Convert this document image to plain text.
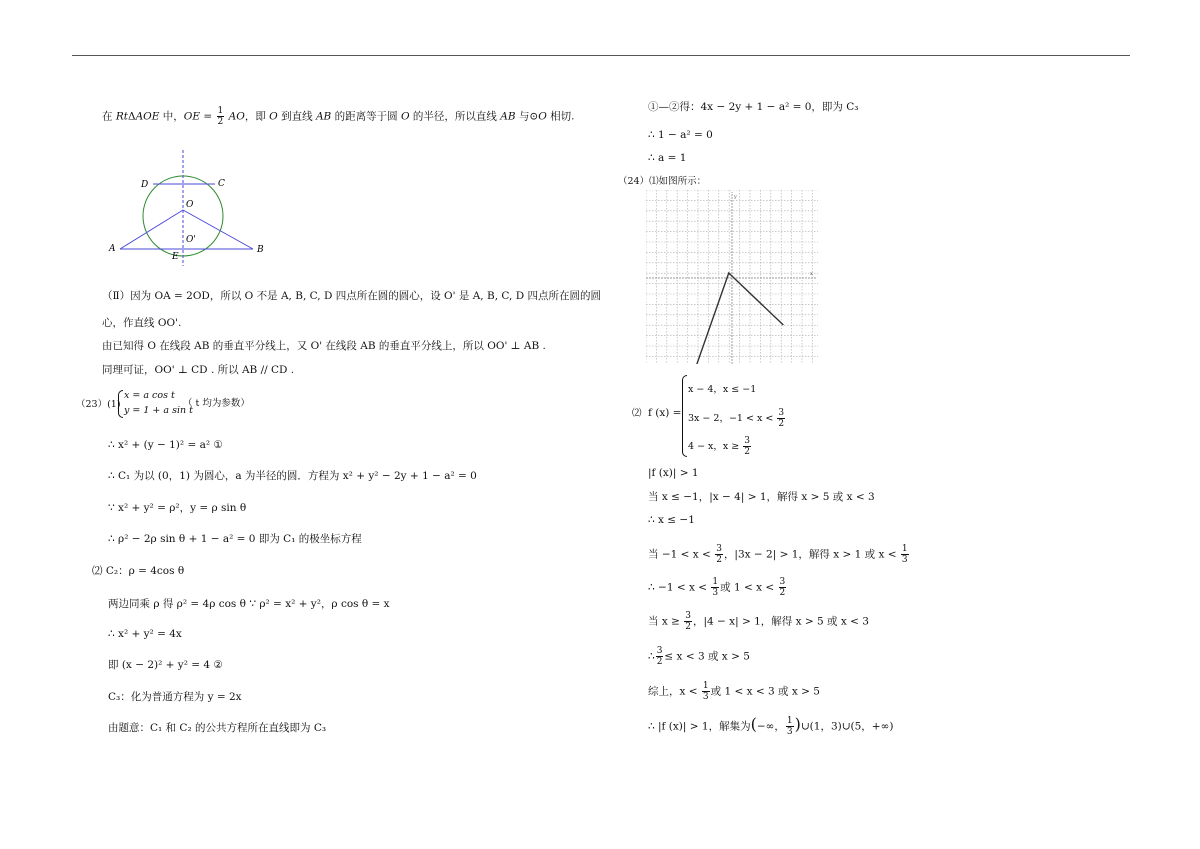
在 RtΔAOE 中，OE = $\frac{1}{2}$ AO，即 O 到直线 AB 的距离等于圆 O 的半径，所以直线 AB 与⊙O 相切.
D	C
O
O'
A	B
E
（Ⅱ）因为 OA = 2OD，所以 O 不是 A, B, C, D 四点所在圆的圆心，设 O' 是 A, B, C, D 四点所在圆的圆
心，作直线 OO'.
由已知得 O 在线段 AB 的垂直平分线上，又 O' 在线段 AB 的垂直平分线上，所以 OO' ⊥ AB .
同理可证，OO' ⊥ CD . 所以 AB // CD .
（23）(1)
x = a cos t
y = 1 + a sin t
（ t 均为参数）
∴ x² + (y − 1)² = a² ①
∴ C₁ 为以 (0，1) 为圆心，a 为半径的圆．方程为 x² + y² − 2y + 1 − a² = 0
∵ x² + y² = ρ²，y = ρ sin θ
∴ ρ² − 2ρ sin θ + 1 − a² = 0 即为 C₁ 的极坐标方程
⑵ C₂：ρ = 4cos θ
两边同乘 ρ 得 ρ² = 4ρ cos θ ∵ ρ² = x² + y²，ρ cos θ = x
∴ x² + y² = 4x
即 (x − 2)² + y² = 4 ②
C₃：化为普通方程为 y = 2x
由题意：C₁ 和 C₂ 的公共方程所在直线即为 C₃
①—②得：4x − 2y + 1 − a² = 0，即为 C₃
∴ 1 − a² = 0
∴ a = 1
（24）⑴如图所示：
x
y
⑵ f (x) =
x − 4，x ≤ −1
3x − 2，$-1 < x < \frac{3}{2}$
4 − x，$x \ge \frac{3}{2}$
|f (x)| > 1
当 x ≤ −1，|x − 4| > 1，解得 x > 5 或 x < 3
∴ x ≤ −1
当 $-1 < x < \frac{3}{2}$ ，|3x − 2| > 1，解得 x > 1 或 $x < \frac{1}{3}$
∴ $-1 < x < \frac{1}{3}$ 或 $1 < x < \frac{3}{2}$
当 $x \ge \frac{3}{2}$ ，|4 − x| > 1，解得 x > 5 或 x < 3
∴ $\frac{3}{2} \le x < 3$ 或 x > 5
综上，$x < \frac{1}{3}$ 或 1 < x < 3 或 x > 5
∴ |f (x)| > 1，解集为(−∞， $\frac{1}{3}$ )∪(1，3)∪(5，+∞)
